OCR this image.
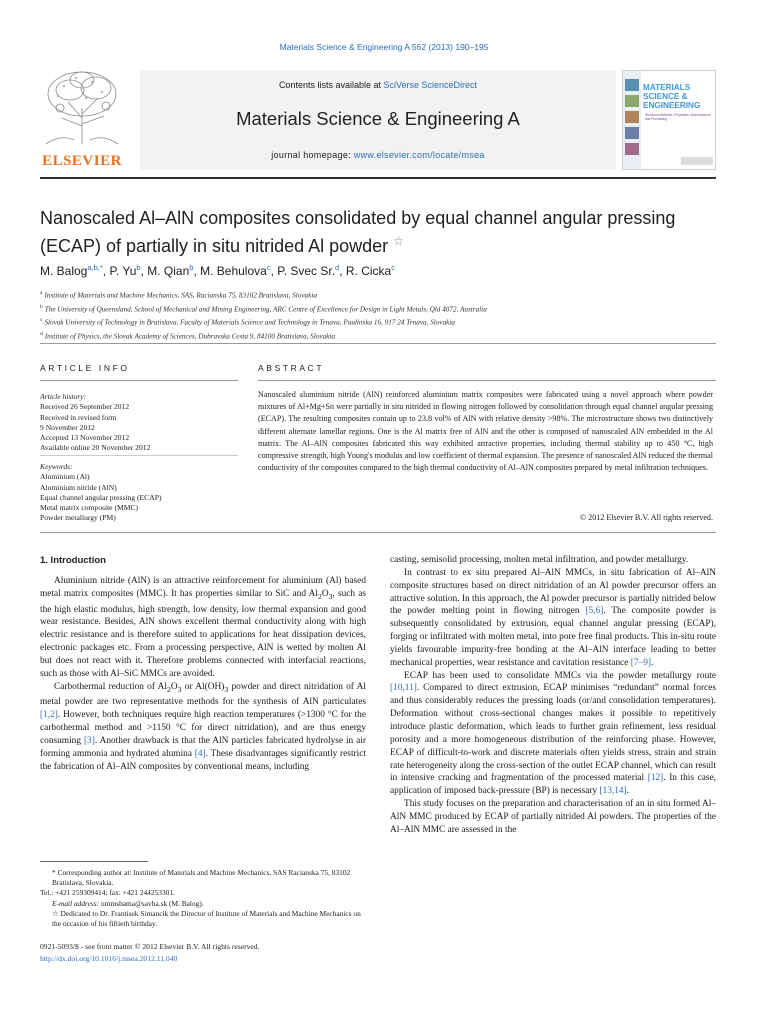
Materials Science & Engineering A 562 (2013) 190–195
ELSEVIER
Contents lists available at SciVerse ScienceDirect
Materials Science & Engineering A
journal homepage: www.elsevier.com/locate/msea
MATERIALS SCIENCE & ENGINEERING
Structural Materials: Properties, Microstructure and Processing
Nanoscaled Al–AlN composites consolidated by equal channel angular pressing (ECAP) of partially in situ nitrided Al powder ☆
M. Balog$^{a,b,*}$, P. Yu$^b$, M. Qian$^b$, M. Behulova$^c$, P. Svec Sr.$^d$, R. Cicka$^c$
$^a$ Institute of Materials and Machine Mechanics, SAS, Racianska 75, 83102 Bratislava, Slovakia
$^b$ The University of Queensland, School of Mechanical and Mining Engineering, ARC Centre of Excellence for Design in Light Metals, Qld 4072, Australia
$^c$ Slovak University of Technology in Bratislava, Faculty of Materials Science and Technology in Trnava, Paulinska 16, 917 24 Trnava, Slovakia
$^d$ Institute of Physics, the Slovak Academy of Sciences, Dubravska Cesta 9, 84100 Bratislava, Slovakia
ARTICLE INFO
Article history:
Received 26 September 2012
Received in revised form
9 November 2012
Accepted 13 November 2012
Available online 20 November 2012
Keywords:
Aluminium (Al)
Aluminium nitride (AlN)
Equal channel angular pressing (ECAP)
Metal matrix composite (MMC)
Powder metallurgy (PM)
ABSTRACT
Nanoscaled aluminium nitride (AlN) reinforced aluminium matrix composites were fabricated using a novel approach where powder mixtures of Al+Mg+Sn were partially in situ nitrided in flowing nitrogen followed by consolidation through equal channel angular pressing (ECAP). The resulting composites contain up to 23.8 vol% of AlN with relative density >98%. The microstructure shows two distinctively different alternate lamellar regions. One is the Al matrix free of AlN and the other is composed of nanoscaled AlN embedded in the Al matrix. The Al–AlN composites fabricated this way exhibited attractive properties, including thermal stability up to 450 °C, high compressive strength, high Young's modulus and low coefficient of thermal expansion. The presence of nanoscaled AlN reduced the thermal conductivity of the composites compared to the high thermal conductivity of Al–AlN composites prepared by metal infiltration techniques.
© 2012 Elsevier B.V. All rights reserved.
1. Introduction

Aluminium nitride (AlN) is an attractive reinforcement for aluminium (Al) based metal matrix composites (MMC). It has properties similar to SiC and $Al_2O_3$, such as the high elastic modulus, high strength, low density, low thermal expansion and good wear resistance. Besides, AlN shows excellent thermal conductivity along with high electric resistance and is therefore suited to applications for heat dissipation devices, electronic packages etc. From a processing perspective, AlN is wetted by molten Al but does not react with it. Therefore problems connected with interfacial reactions, such as those with Al–SiC MMCs are avoided.

Carbothermal reduction of $Al_2O_3$ or $Al(OH)_3$ powder and direct nitridation of Al metal powder are two representative methods for the synthesis of AlN particulates [1,2]. However, both techniques require high reaction temperatures (>1300 °C for the carbothermal method and >1150 °C for direct nitridation), and are thus energy consuming [3]. Another drawback is that the AlN particles fabricated hydrolyse in air forming ammonia and hydrated alumina [4]. These disadvantages significantly restrict the fabrication of Al–AlN composites by conventional means, including

casting, semisolid processing, molten metal infiltration, and powder metallurgy.

In contrast to ex situ prepared Al–AlN MMCs, in situ fabrication of Al–AlN composite structures based on direct nitridation of an Al powder precursor offers an attractive solution. In this approach, the Al powder precursor is partially nitrided below the powder melting point in flowing nitrogen [5,6]. The composite powder is subsequently consolidated by extrusion, equal channel angular pressing (ECAP), forging or infiltrated with molten metal, into pore free final products. This in-situ route yields favourable impurity-free bonding at the Al–AlN interface leading to better mechanical properties, wear resistance and cavitation resistance [7–9].

ECAP has been used to consolidate MMCs via the powder metallurgy route [10,11]. Compared to direct extrusion, ECAP minimises “redundant” normal forces and thus considerably reduces the pressing loads (or/and consolidation temperatures). Deformation without cross-sectional changes makes it possible to repetitively introduce plastic deformation, which leads to further grain refinement, less residual porosity and a more homogeneous distribution of the reinforcing phase. However, ECAP of difficult-to-work and discrete materials often yields stress, strain and strain rate heterogeneity along the cross-section of the outlet ECAP channel, which can result in intensive cracking and fragmentation of the processed material [12]. In this case, application of imposed back-pressure (BP) is necessary [13,14].

This study focuses on the preparation and characterisation of an in situ formed Al–AlN MMC produced by ECAP of partially nitrided Al powders. The properties of the Al–AlN MMC are assessed in the

* Corresponding author at: Institute of Materials and Machine Mechanics, SAS Racianska 75, 83102 Bratislava, Slovakia.
Tel.: +421 259309414; fax: +421 244253301.
E-mail address: ummsbama@savba.sk (M. Balog).
☆ Dedicated to Dr. Frantisek Simancik the Director of Institute of Materials and Machine Mechanics on the occasion of his fiftieth birthday.
0921-5093/$ - see front matter © 2012 Elsevier B.V. All rights reserved.
http://dx.doi.org/10.1016/j.msea.2012.11.040
